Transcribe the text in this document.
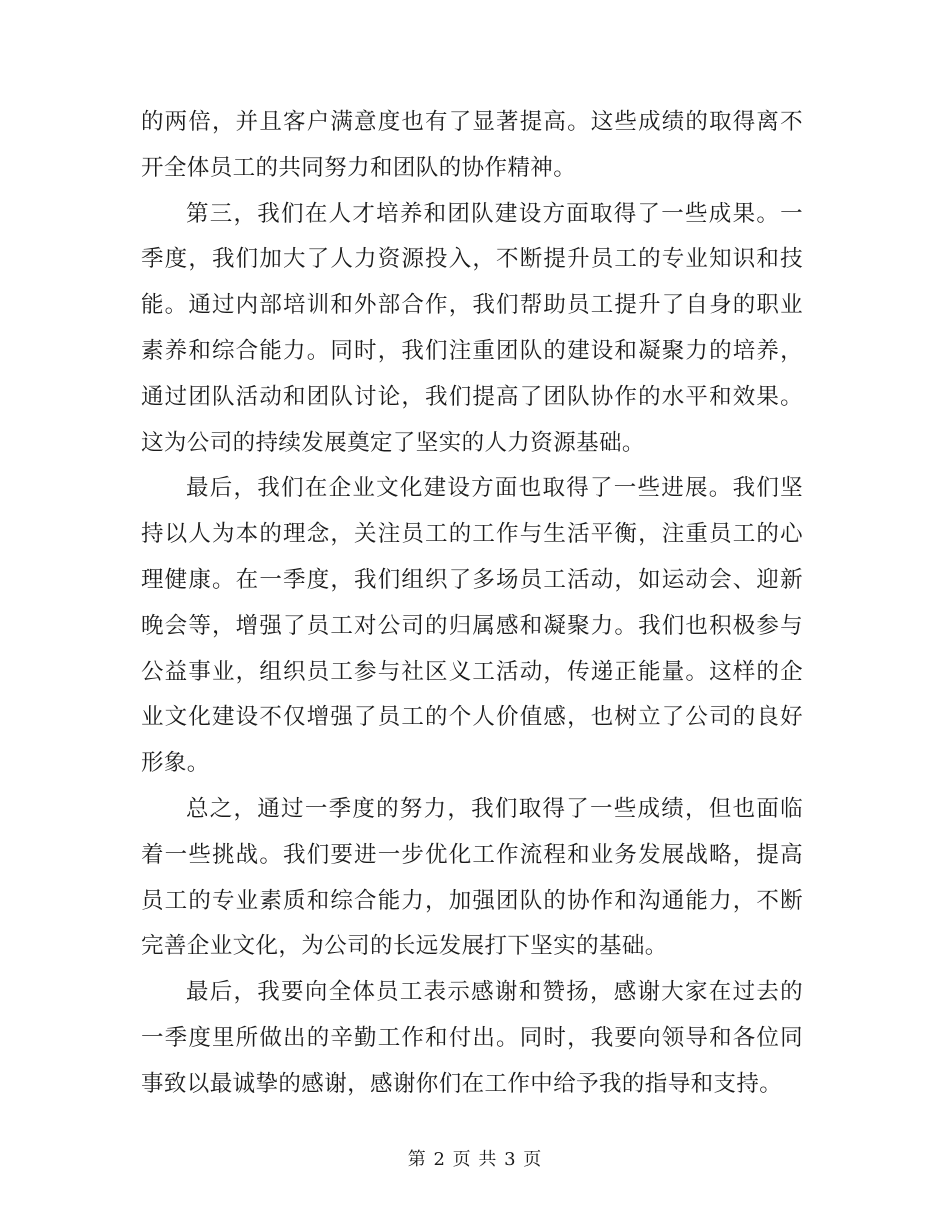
的两倍，并且客户满意度也有了显著提高。这些成绩的取得离不开全体员工的共同努力和团队的协作精神。

第三，我们在人才培养和团队建设方面取得了一些成果。一季度，我们加大了人力资源投入，不断提升员工的专业知识和技能。通过内部培训和外部合作，我们帮助员工提升了自身的职业素养和综合能力。同时，我们注重团队的建设和凝聚力的培养，通过团队活动和团队讨论，我们提高了团队协作的水平和效果。这为公司的持续发展奠定了坚实的人力资源基础。

最后，我们在企业文化建设方面也取得了一些进展。我们坚持以人为本的理念，关注员工的工作与生活平衡，注重员工的心理健康。在一季度，我们组织了多场员工活动，如运动会、迎新晚会等，增强了员工对公司的归属感和凝聚力。我们也积极参与公益事业，组织员工参与社区义工活动，传递正能量。这样的企业文化建设不仅增强了员工的个人价值感，也树立了公司的良好形象。

总之，通过一季度的努力，我们取得了一些成绩，但也面临着一些挑战。我们要进一步优化工作流程和业务发展战略，提高员工的专业素质和综合能力，加强团队的协作和沟通能力，不断完善企业文化，为公司的长远发展打下坚实的基础。

最后，我要向全体员工表示感谢和赞扬，感谢大家在过去的一季度里所做出的辛勤工作和付出。同时，我要向领导和各位同事致以最诚挚的感谢，感谢你们在工作中给予我的指导和支持。

第 2 页 共 3 页
